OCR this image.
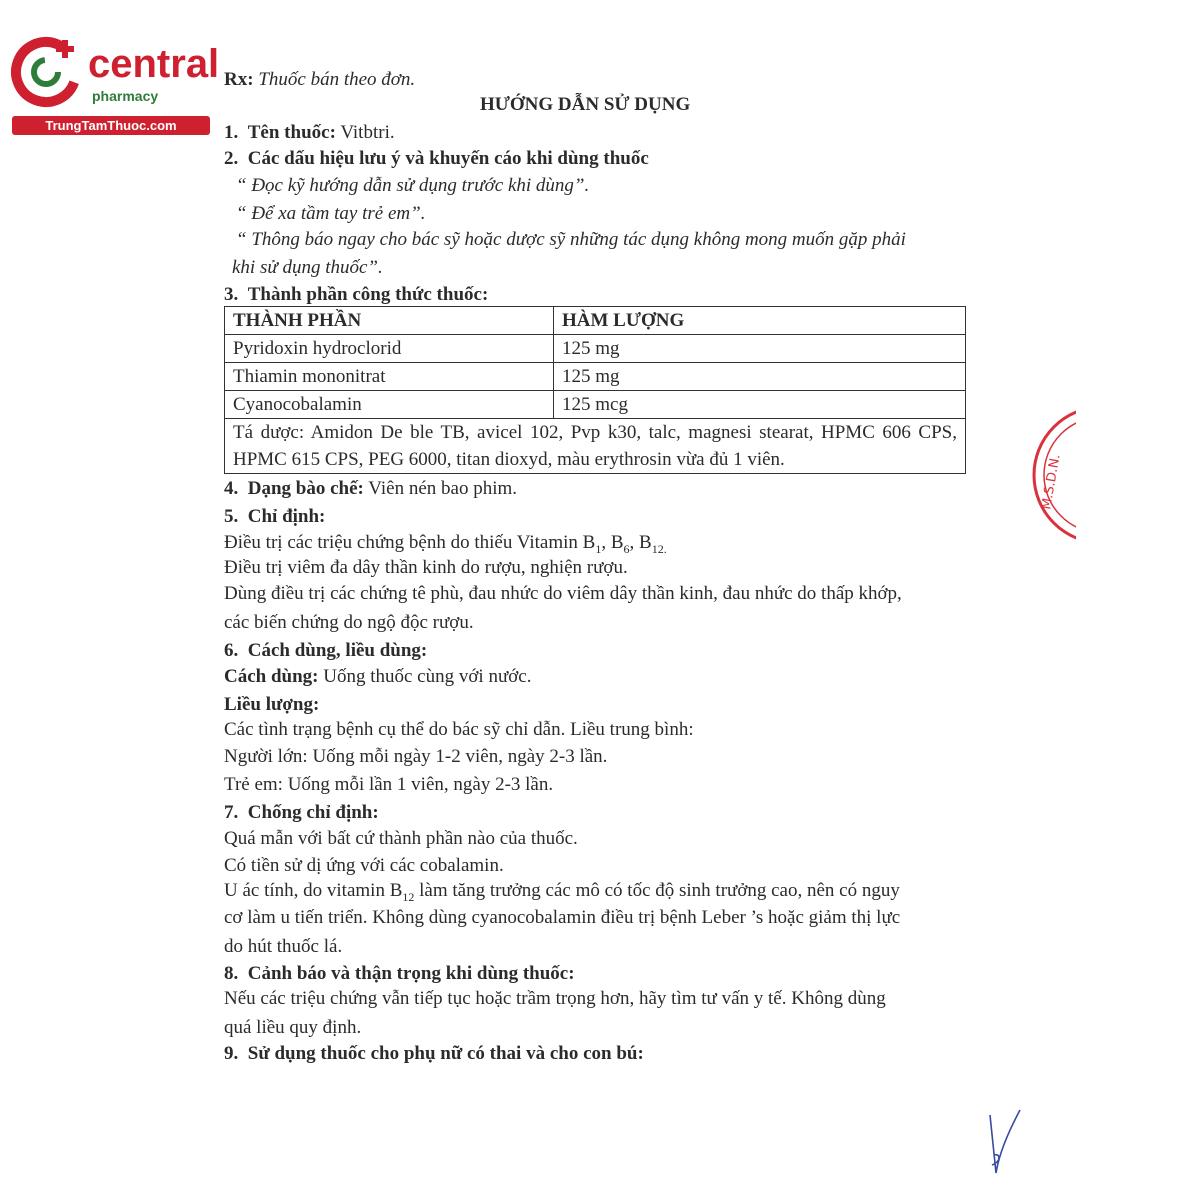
central
pharmacy
TrungTamThuoc.com
Rx: Thuốc bán theo đơn.
HƯỚNG DẪN SỬ DỤNG
1. Tên thuốc: Vitbtri.
2. Các dấu hiệu lưu ý và khuyến cáo khi dùng thuốc
“ Đọc kỹ hướng dẫn sử dụng trước khi dùng”.
“ Để xa tầm tay trẻ em”.
“ Thông báo ngay cho bác sỹ hoặc dược sỹ những tác dụng không mong muốn gặp phải
khi sử dụng thuốc”.
3. Thành phần công thức thuốc:
THÀNH PHẦN	HÀM LƯỢNG
Pyridoxin hydroclorid	125 mg
Thiamin mononitrat	125 mg
Cyanocobalamin	125 mcg
Tá dược: Amidon De ble TB, avicel 102, Pvp k30, talc, magnesi stearat, HPMC 606 CPS, HPMC 615 CPS, PEG 6000, titan dioxyd, màu erythrosin vừa đủ 1 viên.	
4. Dạng bào chế: Viên nén bao phim.
5. Chỉ định:
Điều trị các triệu chứng bệnh do thiếu Vitamin $B_1$, $B_6$, $B_{12.}$
Điều trị viêm đa dây thần kinh do rượu, nghiện rượu.
Dùng điều trị các chứng tê phù, đau nhức do viêm dây thần kinh, đau nhức do thấp khớp,
các biến chứng do ngộ độc rượu.
6. Cách dùng, liều dùng:
Cách dùng: Uống thuốc cùng với nước.
Liều lượng:
Các tình trạng bệnh cụ thể do bác sỹ chỉ dẫn. Liều trung bình:
Người lớn: Uống mỗi ngày 1-2 viên, ngày 2-3 lần.
Trẻ em: Uống mỗi lần 1 viên, ngày 2-3 lần.
7. Chống chỉ định:
Quá mẫn với bất cứ thành phần nào của thuốc.
Có tiền sử dị ứng với các cobalamin.
U ác tính, do vitamin $B_{12}$ làm tăng trưởng các mô có tốc độ sinh trưởng cao, nên có nguy
cơ làm u tiến triển. Không dùng cyanocobalamin điều trị bệnh Leber ’s hoặc giảm thị lực
do hút thuốc lá.
8. Cảnh báo và thận trọng khi dùng thuốc:
Nếu các triệu chứng vẫn tiếp tục hoặc trầm trọng hơn, hãy tìm tư vấn y tế. Không dùng
quá liều quy định.
9. Sử dụng thuốc cho phụ nữ có thai và cho con bú:
M.S.D.N.
